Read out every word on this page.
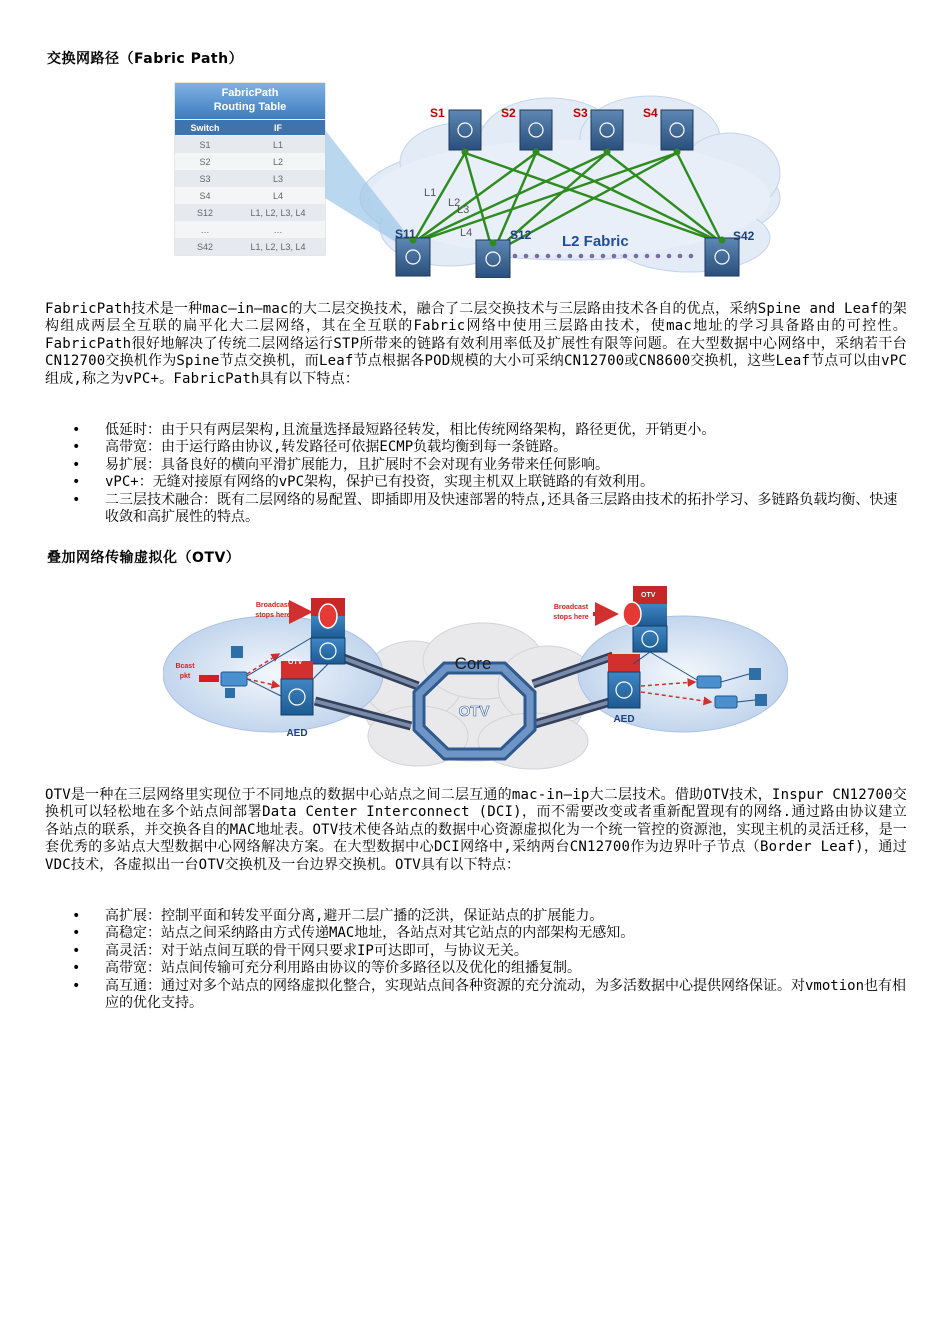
交换网路径（Fabric Path）
S1	S2	S3	S4
S11	S12	S42
L1
L2
L3
L4	L2 Fabric
FabricPath
Routing Table
Switch	IF
S1	L1
S2	L2
S3	L3
S4	L4
S12	L1, L2, L3, L4
…	…
S42	L1, L2, L3, L4
FabricPath技术是一种mac—in—mac的大二层交换技术，融合了二层交换技术与三层路由技术各自的优点，采纳Spine and Leaf的架构组成两层全互联的扁平化大二层网络，其在全互联的Fabric网络中使用三层路由技术，使mac地址的学习具备路由的可控性。FabricPath很好地解决了传统二层网络运行STP所带来的链路有效利用率低及扩展性有限等问题。在大型数据中心网络中，采纳若干台CN12700交换机作为Spine节点交换机，而Leaf节点根据各POD规模的大小可采纳CN12700或CN8600交换机，这些Leaf节点可以由vPC组成,称之为vPC+。FabricPath具有以下特点：
• 低延时：由于只有两层架构,且流量选择最短路径转发，相比传统网络架构，路径更优，开销更小。
• 高带宽：由于运行路由协议,转发路径可依据ECMP负载均衡到每一条链路。
• 易扩展：具备良好的横向平滑扩展能力，且扩展时不会对现有业务带来任何影响。
• vPC+：无缝对接原有网络的vPC架构，保护已有投资，实现主机双上联链路的有效利用。
• 二三层技术融合：既有二层网络的易配置、即插即用及快速部署的特点,还具备三层路由技术的拓扑学习、多链路负载均衡、快速收敛和高扩展性的特点。
叠加网络传输虚拟化（OTV）
Core
OTV
OTV
Broadcast
stops here
Bcast
pkt
AED
OTV
Broadcast
stops here
AED
OTV是一种在三层网络里实现位于不同地点的数据中心站点之间二层互通的mac-in—ip大二层技术。借助OTV技术，Inspur CN12700交换机可以轻松地在多个站点间部署Data Center Interconnect (DCI)，而不需要改变或者重新配置现有的网络.通过路由协议建立各站点的联系，并交换各自的MAC地址表。OTV技术使各站点的数据中心资源虚拟化为一个统一管控的资源池，实现主机的灵活迁移，是一套优秀的多站点大型数据中心网络解决方案。在大型数据中心DCI网络中,采纳两台CN12700作为边界叶子节点（Border Leaf)，通过VDC技术，各虚拟出一台OTV交换机及一台边界交换机。OTV具有以下特点：
• 高扩展：控制平面和转发平面分离,避开二层广播的泛洪，保证站点的扩展能力。
• 高稳定：站点之间采纳路由方式传递MAC地址，各站点对其它站点的内部架构无感知。
• 高灵活：对于站点间互联的骨干网只要求IP可达即可，与协议无关。
• 高带宽：站点间传输可充分利用路由协议的等价多路径以及优化的组播复制。
• 高互通：通过对多个站点的网络虚拟化整合，实现站点间各种资源的充分流动，为多活数据中心提供网络保证。对vmotion也有相应的优化支持。
